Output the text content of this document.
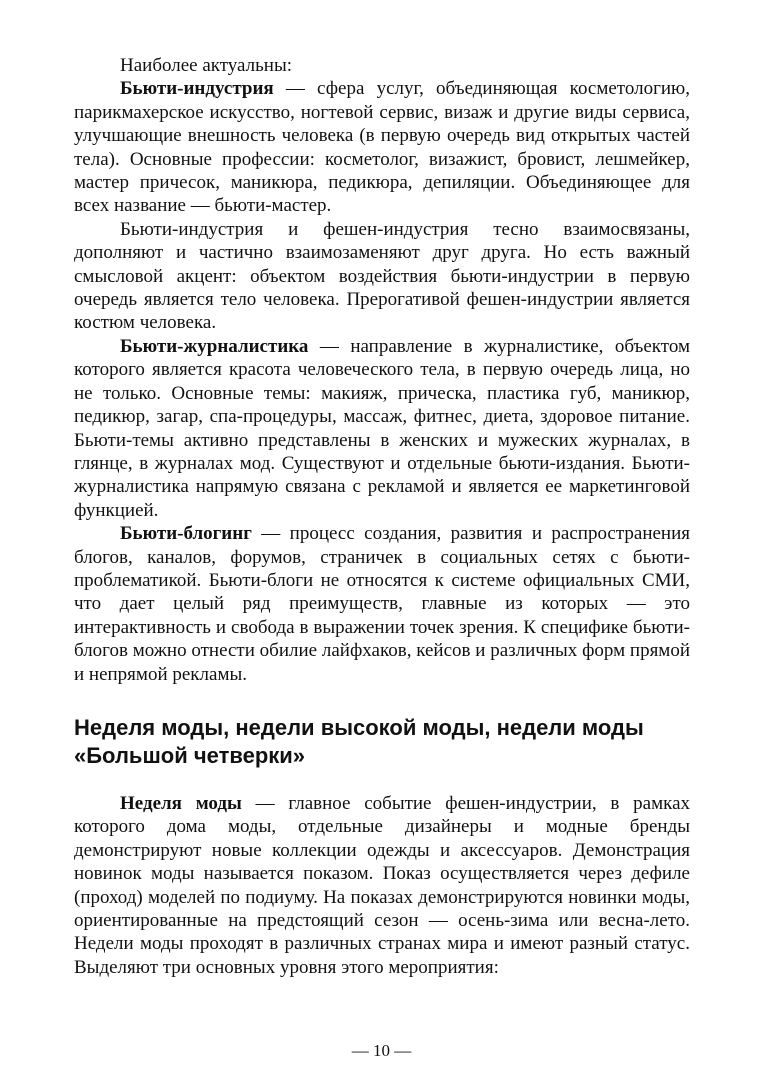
Наиболее актуальны:

Бьюти-индустрия — сфера услуг, объединяющая косметологию, парикмахерское искусство, ногтевой сервис, визаж и другие виды сервиса, улучшающие внешность человека (в первую очередь вид открытых частей тела). Основные профессии: косметолог, визажист, бровист, лешмейкер, мастер причесок, маникюра, педикюра, депиляции. Объединяющее для всех название — бьюти-мастер.

Бьюти-индустрия и фешен-индустрия тесно взаимосвязаны, дополняют и частично взаимозаменяют друг друга. Но есть важный смысловой акцент: объектом воздействия бьюти-индустрии в первую очередь является тело человека. Прерогативой фешен-индустрии является костюм человека.

Бьюти-журналистика — направление в журналистике, объектом которого является красота человеческого тела, в первую очередь лица, но не только. Основные темы: макияж, прическа, пластика губ, маникюр, педикюр, загар, спа-процедуры, массаж, фитнес, диета, здоровое питание. Бьюти-темы активно представлены в женских и мужеских журналах, в глянце, в журналах мод. Существуют и отдельные бьюти-издания. Бьюти-журналистика напрямую связана с рекламой и является ее маркетинговой функцией.

Бьюти-блогинг — процесс создания, развития и распространения блогов, каналов, форумов, страничек в социальных сетях с бьюти-проблематикой. Бьюти-блоги не относятся к системе официальных СМИ, что дает целый ряд преимуществ, главные из которых — это интерактивность и свобода в выражении точек зрения. К специфике бьюти-блогов можно отнести обилие лайфхаков, кейсов и различных форм прямой и непрямой рекламы.

Неделя моды, недели высокой моды, недели моды «Большой четверки»

Неделя моды — главное событие фешен-индустрии, в рамках которого дома моды, отдельные дизайнеры и модные бренды демонстрируют новые коллекции одежды и аксессуаров. Демонстрация новинок моды называется показом. Показ осуществляется через дефиле (проход) моделей по подиуму. На показах демонстрируются новинки моды, ориентированные на предстоящий сезон — осень-зима или весна-лето. Недели моды проходят в различных странах мира и имеют разный статус. Выделяют три основных уровня этого мероприятия:

— 10 —
